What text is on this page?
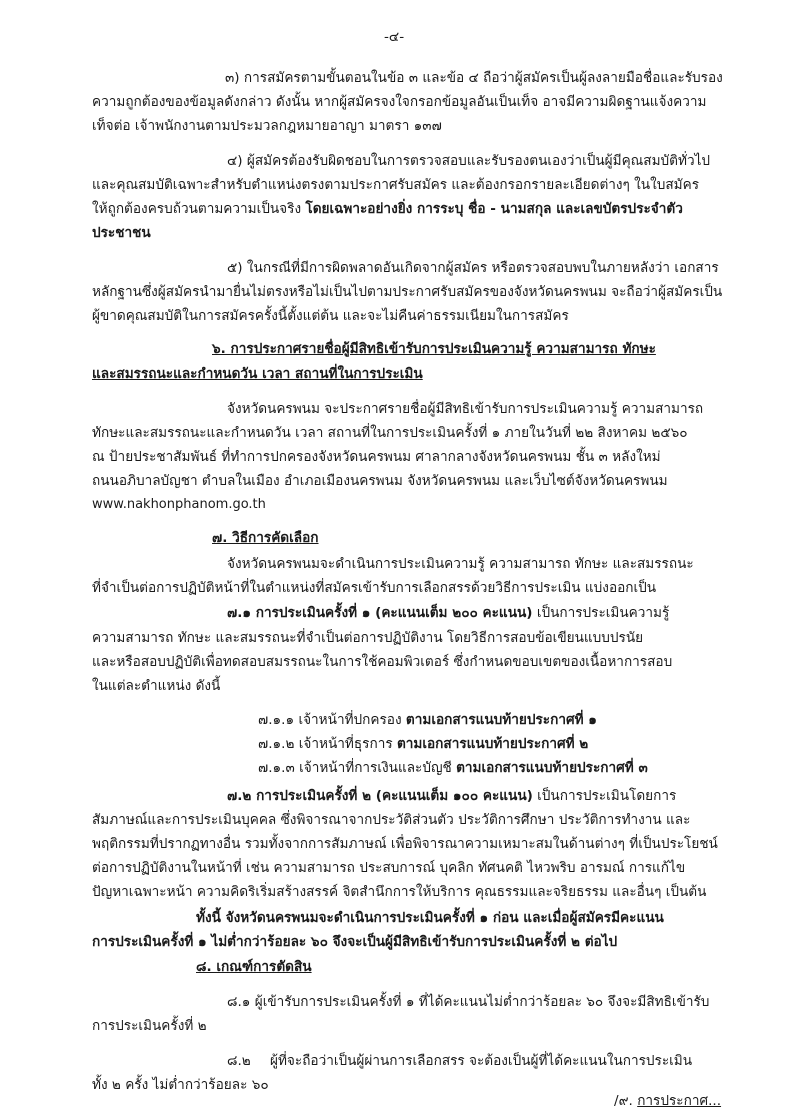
-๔-
๓) การสมัครตามขั้นตอนในข้อ ๓ และข้อ ๔ ถือว่าผู้สมัครเป็นผู้ลงลายมือชื่อและรับรอง
ความถูกต้องของข้อมูลดังกล่าว ดังนั้น หากผู้สมัครจงใจกรอกข้อมูลอันเป็นเท็จ อาจมีความผิดฐานแจ้งความ
เท็จต่อ เจ้าพนักงานตามประมวลกฎหมายอาญา มาตรา ๑๓๗
๔) ผู้สมัครต้องรับผิดชอบในการตรวจสอบและรับรองตนเองว่าเป็นผู้มีคุณสมบัติทั่วไป
และคุณสมบัติเฉพาะสำหรับตำแหน่งตรงตามประกาศรับสมัคร และต้องกรอกรายละเอียดต่างๆ ในใบสมัคร
ให้ถูกต้องครบถ้วนตามความเป็นจริง โดยเฉพาะอย่างยิ่ง การระบุ ชื่อ - นามสกุล และเลขบัตรประจำตัว
ประชาชน
๕) ในกรณีที่มีการผิดพลาดอันเกิดจากผู้สมัคร หรือตรวจสอบพบในภายหลังว่า เอกสาร
หลักฐานซึ่งผู้สมัครนำมายื่นไม่ตรงหรือไม่เป็นไปตามประกาศรับสมัครของจังหวัดนครพนม จะถือว่าผู้สมัครเป็น
ผู้ขาดคุณสมบัติในการสมัครครั้งนี้ตั้งแต่ต้น และจะไม่คืนค่าธรรมเนียมในการสมัคร
๖. การประกาศรายชื่อผู้มีสิทธิเข้ารับการประเมินความรู้ ความสามารถ ทักษะ
และสมรรถนะและกำหนดวัน เวลา สถานที่ในการประเมิน
จังหวัดนครพนม จะประกาศรายชื่อผู้มีสิทธิเข้ารับการประเมินความรู้ ความสามารถ
ทักษะและสมรรถนะและกำหนดวัน เวลา สถานที่ในการประเมินครั้งที่ ๑ ภายในวันที่ ๒๒ สิงหาคม ๒๕๖๐
ณ ป้ายประชาสัมพันธ์ ที่ทำการปกครองจังหวัดนครพนม ศาลากลางจังหวัดนครพนม ชั้น ๓ หลังใหม่
ถนนอภิบาลบัญชา ตำบลในเมือง อำเภอเมืองนครพนม จังหวัดนครพนม และเว็บไซต์จังหวัดนครพนม
www.nakhonphanom.go.th
๗. วิธีการคัดเลือก
จังหวัดนครพนมจะดำเนินการประเมินความรู้ ความสามารถ ทักษะ และสมรรถนะ
ที่จำเป็นต่อการปฏิบัติหน้าที่ในตำแหน่งที่สมัครเข้ารับการเลือกสรรด้วยวิธีการประเมิน แบ่งออกเป็น
๗.๑ การประเมินครั้งที่ ๑ (คะแนนเต็ม ๒๐๐ คะแนน) เป็นการประเมินความรู้
ความสามารถ ทักษะ และสมรรถนะที่จำเป็นต่อการปฏิบัติงาน โดยวิธีการสอบข้อเขียนแบบปรนัย
และหรือสอบปฏิบัติเพื่อทดสอบสมรรถนะในการใช้คอมพิวเตอร์ ซึ่งกำหนดขอบเขตของเนื้อหาการสอบ
ในแต่ละตำแหน่ง ดังนี้
๗.๑.๑ เจ้าหน้าที่ปกครอง ตามเอกสารแนบท้ายประกาศที่ ๑
๗.๑.๒ เจ้าหน้าที่ธุรการ ตามเอกสารแนบท้ายประกาศที่ ๒
๗.๑.๓ เจ้าหน้าที่การเงินและบัญชี ตามเอกสารแนบท้ายประกาศที่ ๓
๗.๒ การประเมินครั้งที่ ๒ (คะแนนเต็ม ๑๐๐ คะแนน) เป็นการประเมินโดยการ
สัมภาษณ์และการประเมินบุคคล ซึ่งพิจารณาจากประวัติส่วนตัว ประวัติการศึกษา ประวัติการทำงาน และ
พฤติกรรมที่ปรากฏทางอื่น รวมทั้งจากการสัมภาษณ์ เพื่อพิจารณาความเหมาะสมในด้านต่างๆ ที่เป็นประโยชน์
ต่อการปฏิบัติงานในหน้าที่ เช่น ความสามารถ ประสบการณ์ บุคลิก ทัศนคติ ไหวพริบ อารมณ์ การแก้ไข
ปัญหาเฉพาะหน้า ความคิดริเริ่มสร้างสรรค์ จิตสำนึกการให้บริการ คุณธรรมและจริยธรรม และอื่นๆ เป็นต้น
ทั้งนี้ จังหวัดนครพนมจะดำเนินการประเมินครั้งที่ ๑ ก่อน และเมื่อผู้สมัครมีคะแนน
การประเมินครั้งที่ ๑ ไม่ต่ำกว่าร้อยละ ๖๐ จึงจะเป็นผู้มีสิทธิเข้ารับการประเมินครั้งที่ ๒ ต่อไป
๘. เกณฑ์การตัดสิน
๘.๑ ผู้เข้ารับการประเมินครั้งที่ ๑ ที่ได้คะแนนไม่ต่ำกว่าร้อยละ ๖๐ จึงจะมีสิทธิเข้ารับ
การประเมินครั้งที่ ๒
๘.๒ ผู้ที่จะถือว่าเป็นผู้ผ่านการเลือกสรร จะต้องเป็นผู้ที่ได้คะแนนในการประเมิน
ทั้ง ๒ ครั้ง ไม่ต่ำกว่าร้อยละ ๖๐
/๙. การประกาศ...
